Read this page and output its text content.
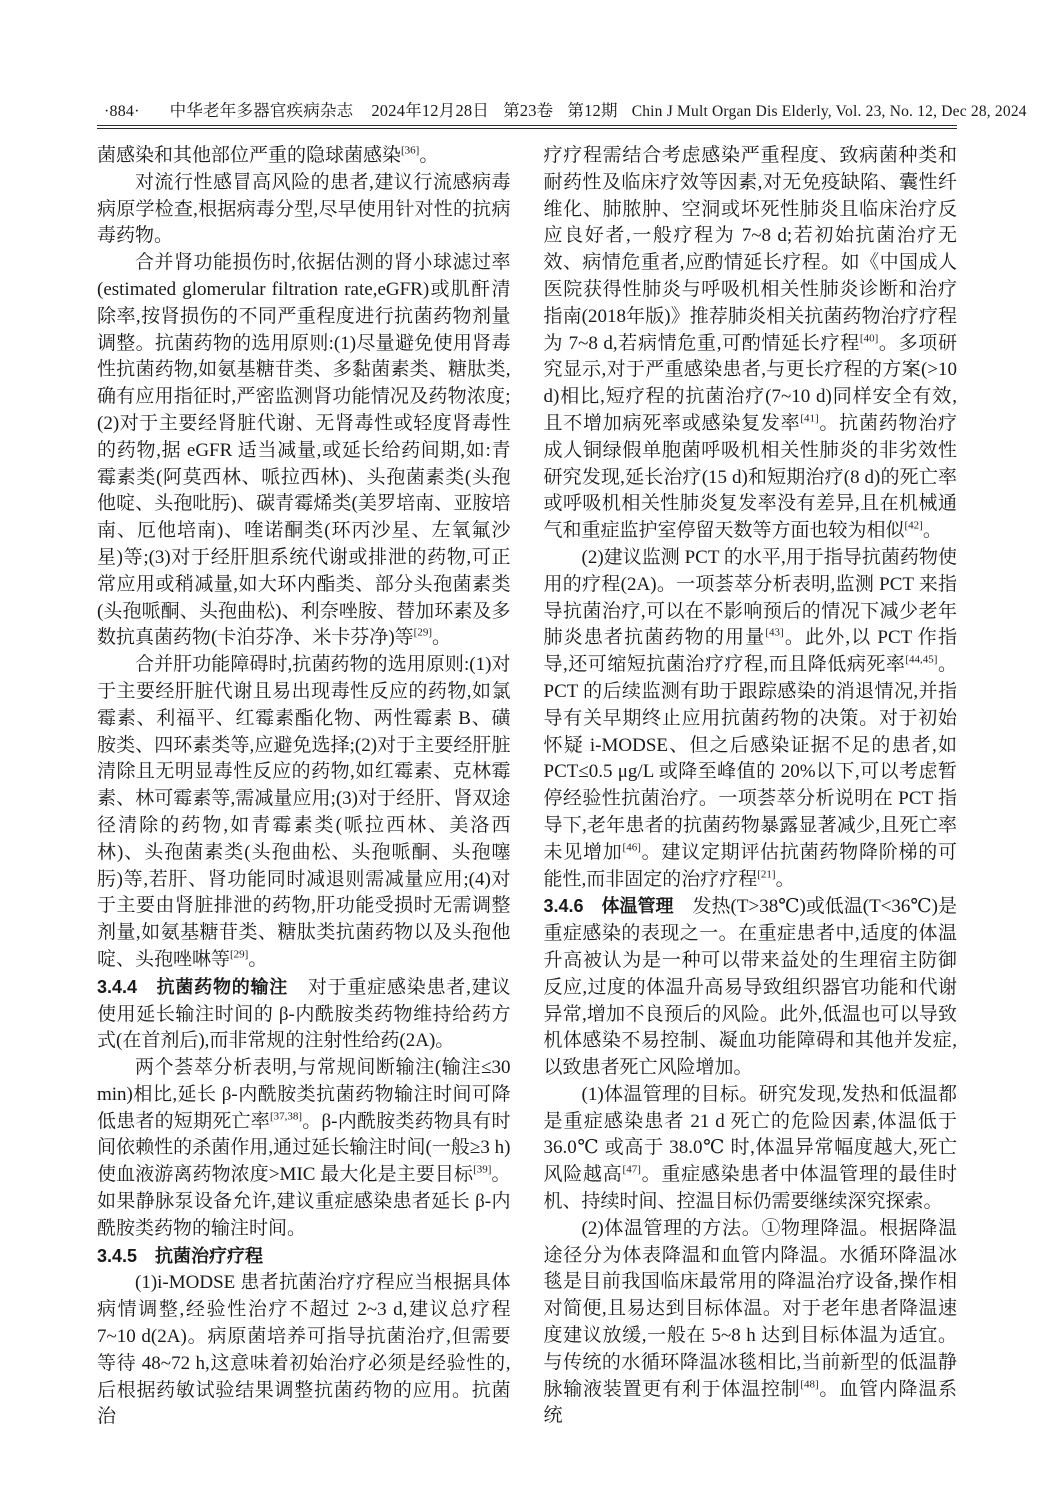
·884· 中华老年多器官疾病杂志 2024年12月28日 第23卷 第12期 Chin J Mult Organ Dis Elderly, Vol. 23, No. 12, Dec 28, 2024

菌感染和其他部位严重的隐球菌感染[36]。

对流行性感冒高风险的患者,建议行流感病毒病原学检查,根据病毒分型,尽早使用针对性的抗病毒药物。

合并肾功能损伤时,依据估测的肾小球滤过率(estimated glomerular filtration rate,eGFR)或肌酐清除率,按肾损伤的不同严重程度进行抗菌药物剂量调整。抗菌药物的选用原则:(1)尽量避免使用肾毒性抗菌药物,如氨基糖苷类、多黏菌素类、糖肽类,确有应用指征时,严密监测肾功能情况及药物浓度;(2)对于主要经肾脏代谢、无肾毒性或轻度肾毒性的药物,据 eGFR 适当减量,或延长给药间期,如:青霉素类(阿莫西林、哌拉西林)、头孢菌素类(头孢他啶、头孢吡肟)、碳青霉烯类(美罗培南、亚胺培南、厄他培南)、喹诺酮类(环丙沙星、左氧氟沙星)等;(3)对于经肝胆系统代谢或排泄的药物,可正常应用或稍减量,如大环内酯类、部分头孢菌素类(头孢哌酮、头孢曲松)、利奈唑胺、替加环素及多数抗真菌药物(卡泊芬净、米卡芬净)等[29]。

合并肝功能障碍时,抗菌药物的选用原则:(1)对于主要经肝脏代谢且易出现毒性反应的药物,如氯霉素、利福平、红霉素酯化物、两性霉素 B、磺胺类、四环素类等,应避免选择;(2)对于主要经肝脏清除且无明显毒性反应的药物,如红霉素、克林霉素、林可霉素等,需减量应用;(3)对于经肝、肾双途径清除的药物,如青霉素类(哌拉西林、美洛西林)、头孢菌素类(头孢曲松、头孢哌酮、头孢噻肟)等,若肝、肾功能同时减退则需减量应用;(4)对于主要由肾脏排泄的药物,肝功能受损时无需调整剂量,如氨基糖苷类、糖肽类抗菌药物以及头孢他啶、头孢唑啉等[29]。

3.4.4　抗菌药物的输注　对于重症感染患者,建议使用延长输注时间的 β-内酰胺类药物维持给药方式(在首剂后),而非常规的注射性给药(2A)。

两个荟萃分析表明,与常规间断输注(输注≤30 min)相比,延长 β-内酰胺类抗菌药物输注时间可降低患者的短期死亡率[37,38]。β-内酰胺类药物具有时间依赖性的杀菌作用,通过延长输注时间(一般≥3 h)使血液游离药物浓度>MIC 最大化是主要目标[39]。如果静脉泵设备允许,建议重症感染患者延长 β-内酰胺类药物的输注时间。

3.4.5　抗菌治疗疗程

(1)i-MODSE 患者抗菌治疗疗程应当根据具体病情调整,经验性治疗不超过 2~3 d,建议总疗程 7~10 d(2A)。病原菌培养可指导抗菌治疗,但需要等待 48~72 h,这意味着初始治疗必须是经验性的,后根据药敏试验结果调整抗菌药物的应用。抗菌治

疗疗程需结合考虑感染严重程度、致病菌种类和耐药性及临床疗效等因素,对无免疫缺陷、囊性纤维化、肺脓肿、空洞或坏死性肺炎且临床治疗反应良好者,一般疗程为 7~8 d;若初始抗菌治疗无效、病情危重者,应酌情延长疗程。如《中国成人医院获得性肺炎与呼吸机相关性肺炎诊断和治疗指南(2018年版)》推荐肺炎相关抗菌药物治疗疗程为 7~8 d,若病情危重,可酌情延长疗程[40]。多项研究显示,对于严重感染患者,与更长疗程的方案(>10 d)相比,短疗程的抗菌治疗(7~10 d)同样安全有效,且不增加病死率或感染复发率[41]。抗菌药物治疗成人铜绿假单胞菌呼吸机相关性肺炎的非劣效性研究发现,延长治疗(15 d)和短期治疗(8 d)的死亡率或呼吸机相关性肺炎复发率没有差异,且在机械通气和重症监护室停留天数等方面也较为相似[42]。

(2)建议监测 PCT 的水平,用于指导抗菌药物使用的疗程(2A)。一项荟萃分析表明,监测 PCT 来指导抗菌治疗,可以在不影响预后的情况下减少老年肺炎患者抗菌药物的用量[43]。此外,以 PCT 作指导,还可缩短抗菌治疗疗程,而且降低病死率[44,45]。PCT 的后续监测有助于跟踪感染的消退情况,并指导有关早期终止应用抗菌药物的决策。对于初始怀疑 i-MODSE、但之后感染证据不足的患者,如 PCT≤0.5 μg/L 或降至峰值的 20%以下,可以考虑暂停经验性抗菌治疗。一项荟萃分析说明在 PCT 指导下,老年患者的抗菌药物暴露显著减少,且死亡率未见增加[46]。建议定期评估抗菌药物降阶梯的可能性,而非固定的治疗疗程[21]。

3.4.6　体温管理　发热(T>38℃)或低温(T<36℃)是重症感染的表现之一。在重症患者中,适度的体温升高被认为是一种可以带来益处的生理宿主防御反应,过度的体温升高易导致组织器官功能和代谢异常,增加不良预后的风险。此外,低温也可以导致机体感染不易控制、凝血功能障碍和其他并发症,以致患者死亡风险增加。

(1)体温管理的目标。研究发现,发热和低温都是重症感染患者 21 d 死亡的危险因素,体温低于 36.0℃ 或高于 38.0℃ 时,体温异常幅度越大,死亡风险越高[47]。重症感染患者中体温管理的最佳时机、持续时间、控温目标仍需要继续深究探索。

(2)体温管理的方法。①物理降温。根据降温途径分为体表降温和血管内降温。水循环降温冰毯是目前我国临床最常用的降温治疗设备,操作相对简便,且易达到目标体温。对于老年患者降温速度建议放缓,一般在 5~8 h 达到目标体温为适宜。与传统的水循环降温冰毯相比,当前新型的低温静脉输液装置更有利于体温控制[48]。血管内降温系统
